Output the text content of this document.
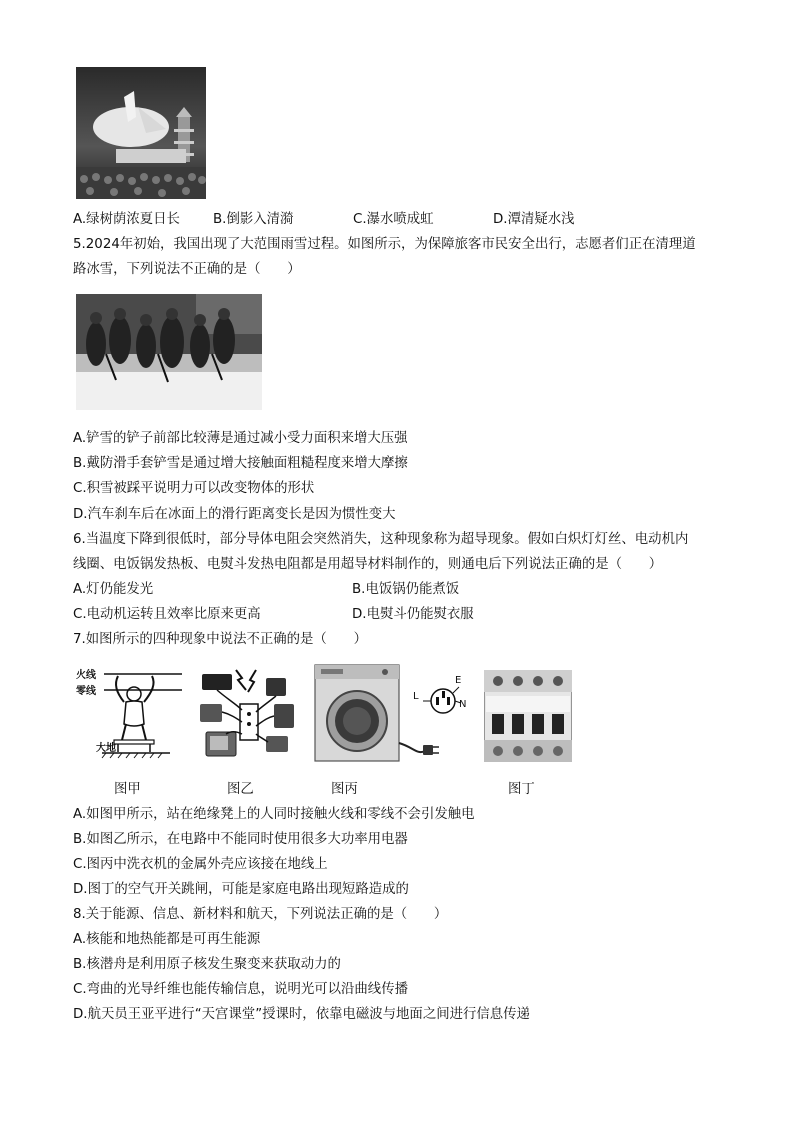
A.绿树荫浓夏日长 B.倒影入清漪	C.瀑水喷成虹	D.潭清疑水浅
5.2024年初始，我国出现了大范围雨雪过程。如图所示，为保障旅客市民安全出行，志愿者们正在清理道
路冰雪，下列说法不正确的是（　　）
A.铲雪的铲子前部比较薄是通过减小受力面积来增大压强
B.戴防滑手套铲雪是通过增大接触面粗糙程度来增大摩擦
C.积雪被踩平说明力可以改变物体的形状
D.汽车刹车后在冰面上的滑行距离变长是因为惯性变大
6.当温度下降到很低时，部分导体电阻会突然消失，这种现象称为超导现象。假如白炽灯灯丝、电动机内
线圈、电饭锅发热板、电熨斗发热电阻都是用超导材料制作的，则通电后下列说法正确的是（　　）
A.灯仍能发光	B.电饭锅仍能煮饭
C.电动机运转且效率比原来更高	D.电熨斗仍能熨衣服
7.如图所示的四种现象中说法不正确的是（　　）
火线
零线
大地
L
E
N
图甲	图乙	图丙	图丁
A.如图甲所示，站在绝缘凳上的人同时接触火线和零线不会引发触电
B.如图乙所示，在电路中不能同时使用很多大功率用电器
C.图丙中洗衣机的金属外壳应该接在地线上
D.图丁的空气开关跳闸，可能是家庭电路出现短路造成的
8.关于能源、信息、新材料和航天，下列说法正确的是（　　）
A.核能和地热能都是可再生能源
B.核潜舟是利用原子核发生聚变来获取动力的
C.弯曲的光导纤维也能传输信息，说明光可以沿曲线传播
D.航天员王亚平进行“天宫课堂”授课时，依靠电磁波与地面之间进行信息传递
